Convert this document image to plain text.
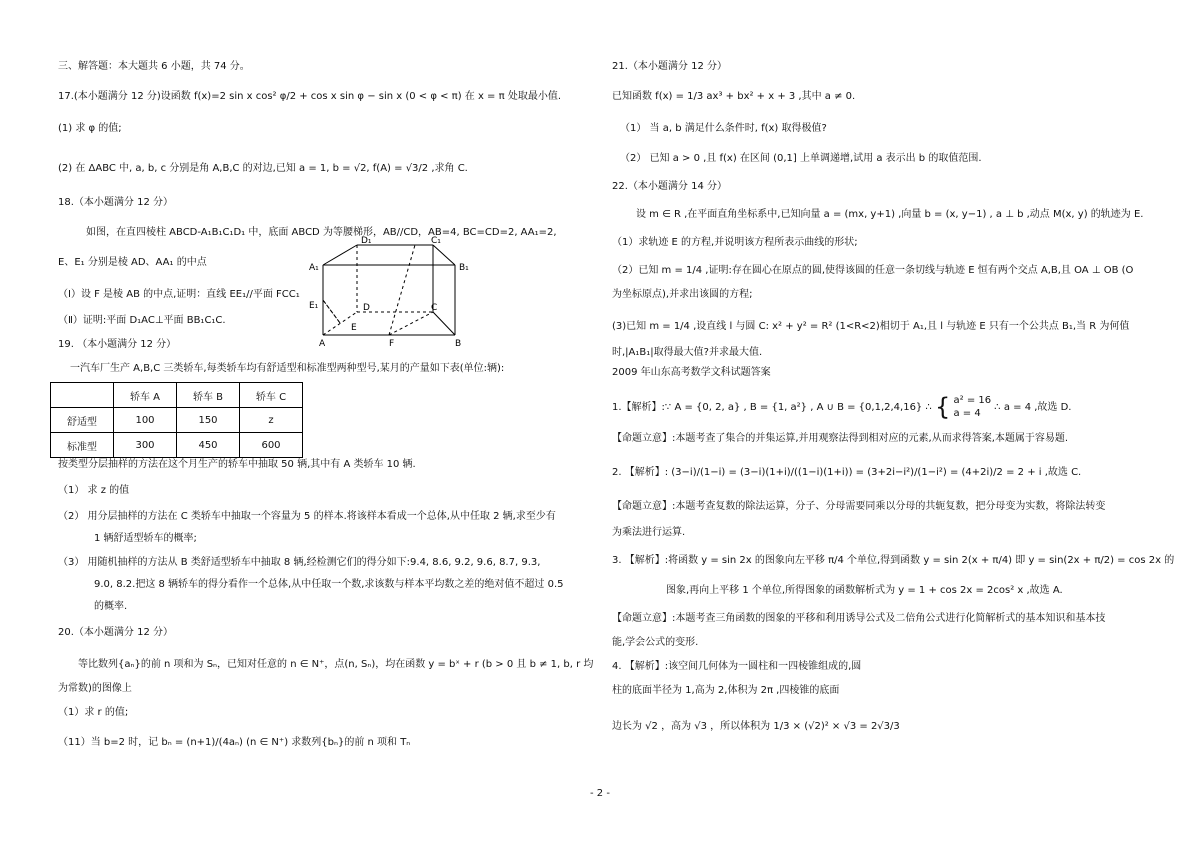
三、解答题：本大题共 6 小题，共 74 分。
17.(本小题满分 12 分)设函数 f(x)=2 sin x cos² φ/2 + cos x sin φ − sin x (0 < φ < π) 在 x = π 处取最小值.
(1) 求 φ 的值;
(2) 在 ΔABC 中, a, b, c 分别是角 A,B,C 的对边,已知 a = 1, b = √2, f(A) = √3/2 ,求角 C.
18.（本小题满分 12 分）
如图，在直四棱柱 ABCD-A₁B₁C₁D₁ 中，底面 ABCD 为等腰梯形，AB//CD，AB=4, BC=CD=2, AA₁=2,
E、E₁ 分别是棱 AD、AA₁ 的中点
（Ⅰ）设 F 是棱 AB 的中点,证明：直线 EE₁//平面 FCC₁
（Ⅱ）证明:平面 D₁AC⊥平面 BB₁C₁C.
19. （本小题满分 12 分）
一汽车厂生产 A,B,C 三类轿车,每类轿车均有舒适型和标准型两种型号,某月的产量如下表(单位:辆):
	轿车 A	轿车 B	轿车 C
舒适型	100	150	z
标准型	300	450	600
按类型分层抽样的方法在这个月生产的轿车中抽取 50 辆,其中有 A 类轿车 10 辆.
（1） 求 z 的值
（2） 用分层抽样的方法在 C 类轿车中抽取一个容量为 5 的样本.将该样本看成一个总体,从中任取 2 辆,求至少有
1 辆舒适型轿车的概率;
（3） 用随机抽样的方法从 B 类舒适型轿车中抽取 8 辆,经检测它们的得分如下:9.4, 8.6, 9.2, 9.6, 8.7, 9.3,
9.0, 8.2.把这 8 辆轿车的得分看作一个总体,从中任取一个数,求该数与样本平均数之差的绝对值不超过 0.5
的概率.
20.（本小题满分 12 分）
等比数列{aₙ}的前 n 项和为 Sₙ，已知对任意的 n ∈ N⁺，点(n, Sₙ)，均在函数 y = bˣ + r (b > 0 且 b ≠ 1, b, r 均
为常数)的图像上
（1）求 r 的值;
（11）当 b=2 时，记 bₙ = (n+1)/(4aₙ) (n ∈ N⁺) 求数列{bₙ}的前 n 项和 Tₙ
D₁	C₁
A₁	B₁
E₁	D	C
E
A	F	B
21.（本小题满分 12 分）
已知函数 f(x) = 1/3 ax³ + bx² + x + 3 ,其中 a ≠ 0.
（1） 当 a, b 满足什么条件时, f(x) 取得极值?
（2） 已知 a > 0 ,且 f(x) 在区间 (0,1] 上单调递增,试用 a 表示出 b 的取值范围.
22.（本小题满分 14 分）
设 m ∈ R ,在平面直角坐标系中,已知向量 a = (mx, y+1) ,向量 b = (x, y−1) , a ⊥ b ,动点 M(x, y) 的轨迹为 E.
（1）求轨迹 E 的方程,并说明该方程所表示曲线的形状;
（2）已知 m = 1/4 ,证明:存在圆心在原点的圆,使得该圆的任意一条切线与轨迹 E 恒有两个交点 A,B,且 OA ⊥ OB (O
为坐标原点),并求出该圆的方程;
(3)已知 m = 1/4 ,设直线 l 与圆 C: x² + y² = R² (1<R<2)相切于 A₁,且 l 与轨迹 E 只有一个公共点 B₁,当 R 为何值
时,|A₁B₁|取得最大值?并求最大值.
2009 年山东高考数学文科试题答案
1.【解析】:∵ A = {0, 2, a} , B = {1, a²} , A ∪ B = {0,1,2,4,16} ∴ { a² = 16
a = 4
∴ a = 4 ,故选 D.
【命题立意】:本题考查了集合的并集运算,并用观察法得到相对应的元素,从而求得答案,本题属于容易题.
2. 【解析】: (3−i)/(1−i) = (3−i)(1+i)/((1−i)(1+i)) = (3+2i−i²)/(1−i²) = (4+2i)/2 = 2 + i ,故选 C.
【命题立意】:本题考查复数的除法运算，分子、分母需要同乘以分母的共轭复数，把分母变为实数，将除法转变
为乘法进行运算.
3. 【解析】:将函数 y = sin 2x 的图象向左平移 π/4 个单位,得到函数 y = sin 2(x + π/4) 即 y = sin(2x + π/2) = cos 2x 的
图象,再向上平移 1 个单位,所得图象的函数解析式为 y = 1 + cos 2x = 2cos² x ,故选 A.
【命题立意】:本题考查三角函数的图象的平移和利用诱导公式及二倍角公式进行化简解析式的基本知识和基本技
能,学会公式的变形.
4. 【解析】:该空间几何体为一圆柱和一四棱锥组成的,圆
柱的底面半径为 1,高为 2,体积为 2π ,四棱锥的底面
边长为 √2 ，高为 √3 ，所以体积为 1/3 × (√2)² × √3 = 2√3/3
- 2 -
